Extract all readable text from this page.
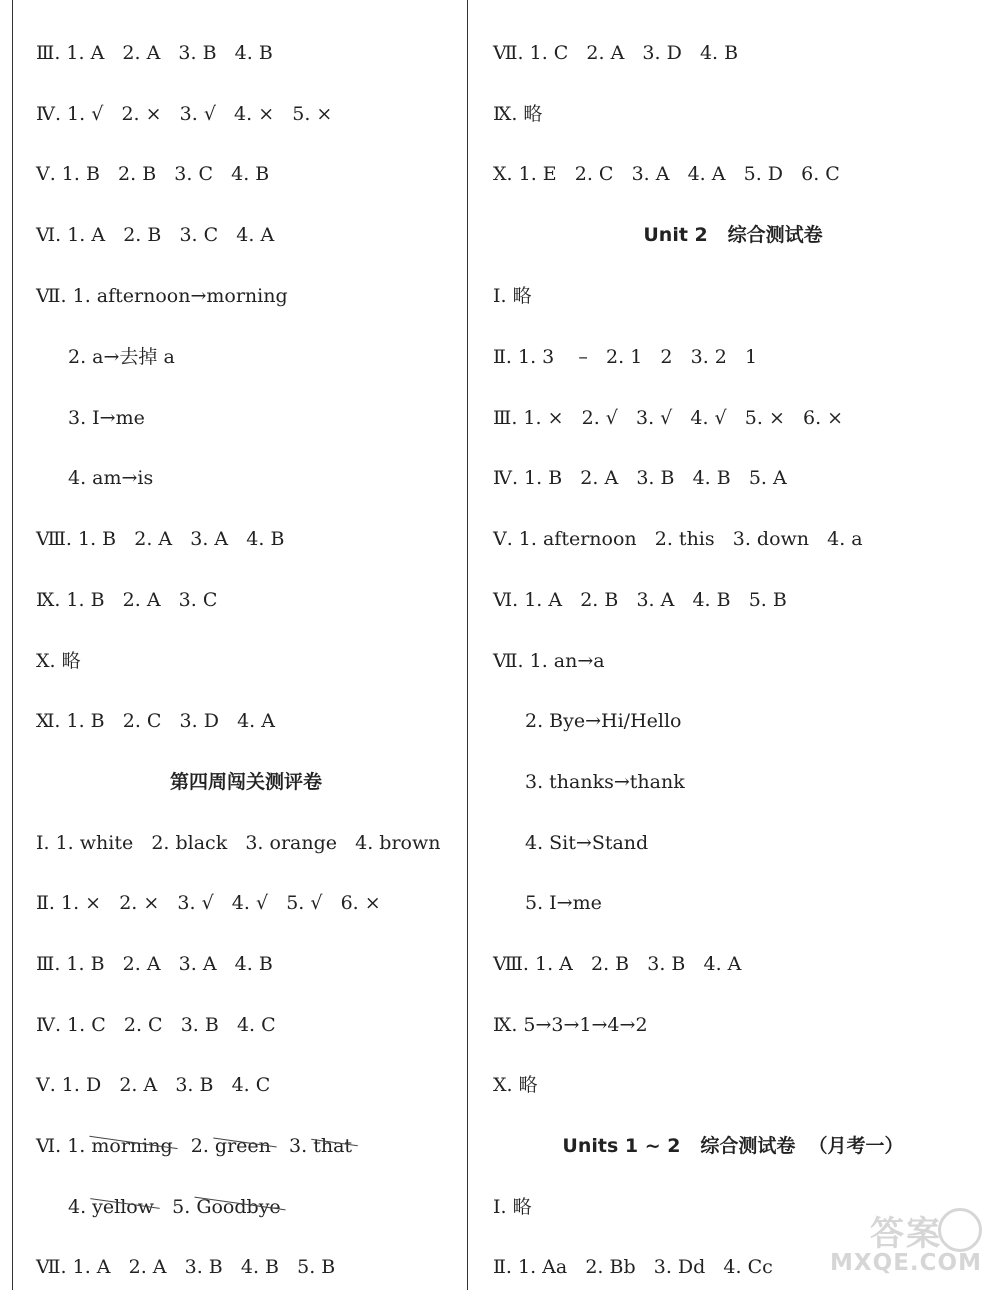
Ⅲ. 1. A   2. A   3. B   4. B
Ⅳ. 1. √   2. ×   3. √   4. ×   5. ×
Ⅴ. 1. B   2. B   3. C   4. B
Ⅵ. 1. A   2. B   3. C   4. A
Ⅶ. 1. afternoon→morning
2. a→去掉 a
3. I→me
4. am→is
Ⅷ. 1. B   2. A   3. A   4. B
Ⅸ. 1. B   2. A   3. C
Ⅹ. 略
Ⅺ. 1. B   2. C   3. D   4. A
第四周闯关测评卷
Ⅰ. 1. white   2. black   3. orange   4. brown
Ⅱ. 1. ×   2. ×   3. √   4. √   5. √   6. ×
Ⅲ. 1. B   2. A   3. A   4. B
Ⅳ. 1. C   2. C   3. B   4. C
Ⅴ. 1. D   2. A   3. B   4. C
Ⅵ. 1. morning   2. green   3. that
4. yellow   5. Goodbye
Ⅶ. 1. A   2. A   3. B   4. B   5. B
Ⅶ. 1. C   2. A   3. D   4. B
Ⅸ. 略
Ⅹ. 1. E   2. C   3. A   4. A   5. D   6. C
Unit 2   综合测试卷
Ⅰ. 略
Ⅱ. 1. 3    –   2. 1   2   3. 2   1
Ⅲ. 1. ×   2. √   3. √   4. √   5. ×   6. ×
Ⅳ. 1. B   2. A   3. B   4. B   5. A
Ⅴ. 1. afternoon   2. this   3. down   4. a
Ⅵ. 1. A   2. B   3. A   4. B   5. B
Ⅶ. 1. an→a
2. Bye→Hi/Hello
3. thanks→thank
4. Sit→Stand
5. I→me
Ⅷ. 1. A   2. B   3. B   4. A
Ⅸ. 5→3→1→4→2
Ⅹ. 略
Units 1 ~ 2   综合测试卷  （月考一）
Ⅰ. 略
Ⅱ. 1. Aa   2. Bb   3. Dd   4. Cc
答案
MXQE.COM
